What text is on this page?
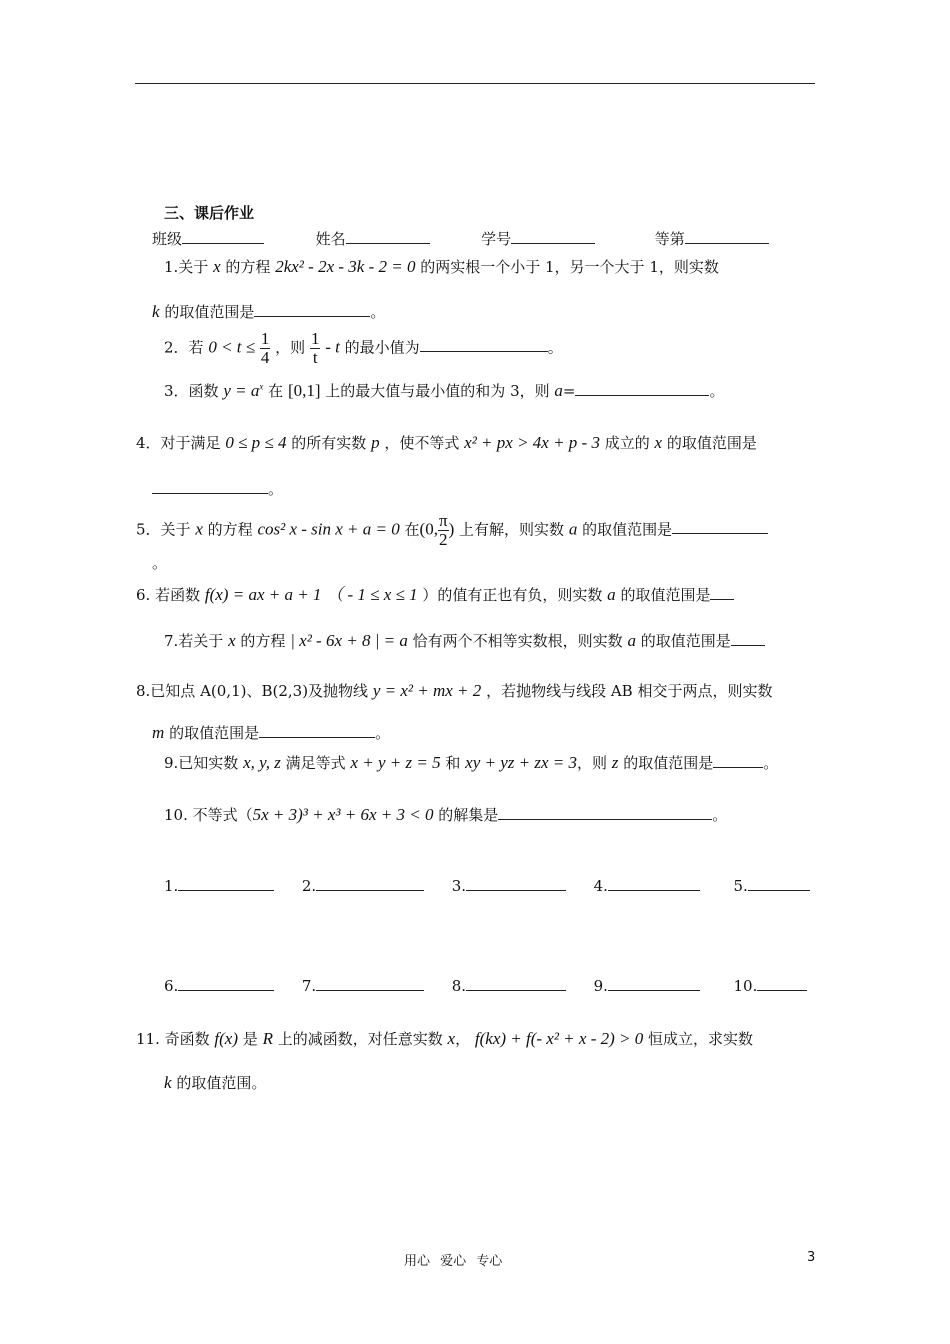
三、课后作业
班级	姓名	学号	等第
1.关于 x 的方程 2kx² - 2x - 3k - 2 = 0 的两实根一个小于 1，另一个大于 1，则实数
k 的取值范围是	。
2．若 $0 < t \le \frac{1}{4}$ ，则 $\frac{1}{t}$ - t 的最小值为	。
3．函数 $y = a^x$ 在 [0,1] 上的最大值与最小值的和为 3，则 a=	。
4．对于满足 0 ≤ p ≤ 4 的所有实数 p ，使不等式 x² + px > 4x + p - 3 成立的 x 的取值范围是
。
5．关于 x 的方程 cos² x - sin x + a = 0 在(0, $\frac{\pi}{2}$ ) 上有解，则实数 a 的取值范围是
。
6. 若函数 f(x) = ax + a + 1 （ - 1 ≤ x ≤ 1 ）的值有正也有负，则实数 a 的取值范围是
7.若关于 x 的方程 | x² - 6x + 8 | = a 恰有两个不相等实数根，则实数 a 的取值范围是
8.已知点 A(0,1)、B(2,3)及抛物线 y = x² + mx + 2 ，若抛物线与线段 AB 相交于两点，则实数
m 的取值范围是	。
9.已知实数 x, y, z 满足等式 x + y + z = 5 和 xy + yz + zx = 3，则 z 的取值范围是	。
10. 不等式（5x + 3)³ + x³ + 6x + 3 < 0 的解集是	。
1.	2.	3.	4.	5.
6.	7.	8.	9.	10.
11. 奇函数 f(x) 是 R 上的减函数，对任意实数 x， f(kx) + f(- x² + x - 2) > 0 恒成立，求实数
k 的取值范围。
用心 爱心 专心	3
